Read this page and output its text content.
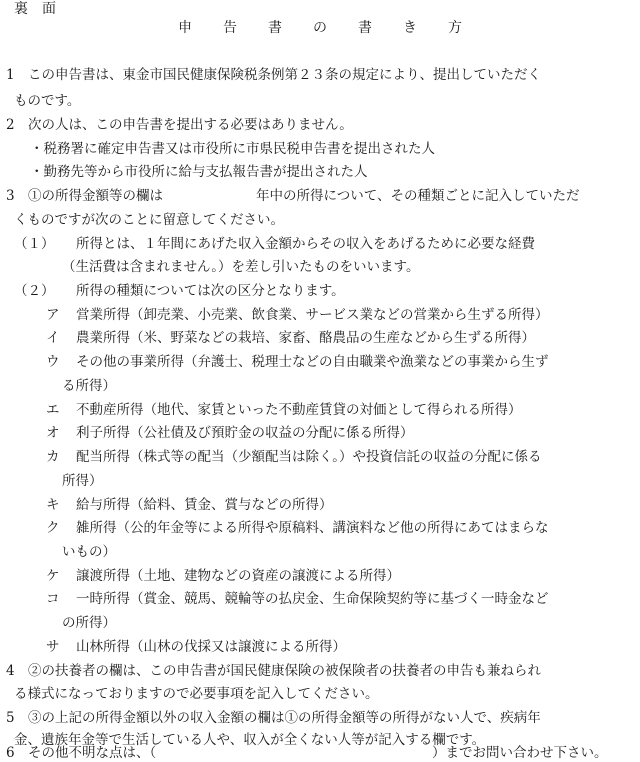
裏　面
申 告 書 の 書 き 方
1 この申告書は、東金市国民健康保険税条例第２３条の規定により、提出していただく
ものです。
2 次の人は、この申告書を提出する必要はありません。
・税務署に確定申告書又は市役所に市県民税申告書を提出された人
・勤務先等から市役所に給与支払報告書が提出された人
3 ①の所得金額等の欄は	年中の所得について、その種類ごとに記入していただ
くものですが次のことに留意してください。
（１） 所得とは、１年間にあげた収入金額からその収入をあげるために必要な経費
（生活費は含まれません。）を差し引いたものをいいます。
（２） 所得の種類については次の区分となります。
ア 営業所得（卸売業、小売業、飲食業、サービス業などの営業から生ずる所得）
イ 農業所得（米、野菜などの栽培、家畜、酪農品の生産などから生ずる所得）
ウ その他の事業所得（弁護士、税理士などの自由職業や漁業などの事業から生ず
る所得）
エ 不動産所得（地代、家賃といった不動産賃貸の対価として得られる所得）
オ 利子所得（公社債及び預貯金の収益の分配に係る所得）
カ 配当所得（株式等の配当（少額配当は除く。）や投資信託の収益の分配に係る
所得）
キ 給与所得（給料、賃金、賞与などの所得）
ク 雑所得（公的年金等による所得や原稿料、講演料など他の所得にあてはまらな
いもの）
ケ 譲渡所得（土地、建物などの資産の譲渡による所得）
コ 一時所得（賞金、競馬、競輪等の払戻金、生命保険契約等に基づく一時金など
の所得）
サ 山林所得（山林の伐採又は譲渡による所得）
4 ②の扶養者の欄は、この申告書が国民健康保険の被保険者の扶養者の申告も兼ねられ
る様式になっておりますので必要事項を記入してください。
5 ③の上記の所得金額以外の収入金額の欄は①の所得金額等の所得がない人で、疾病年
金、遺族年金等で生活している人や、収入が全くない人等が記入する欄です。
6 その他不明な点は、（	）までお問い合わせ下さい。
